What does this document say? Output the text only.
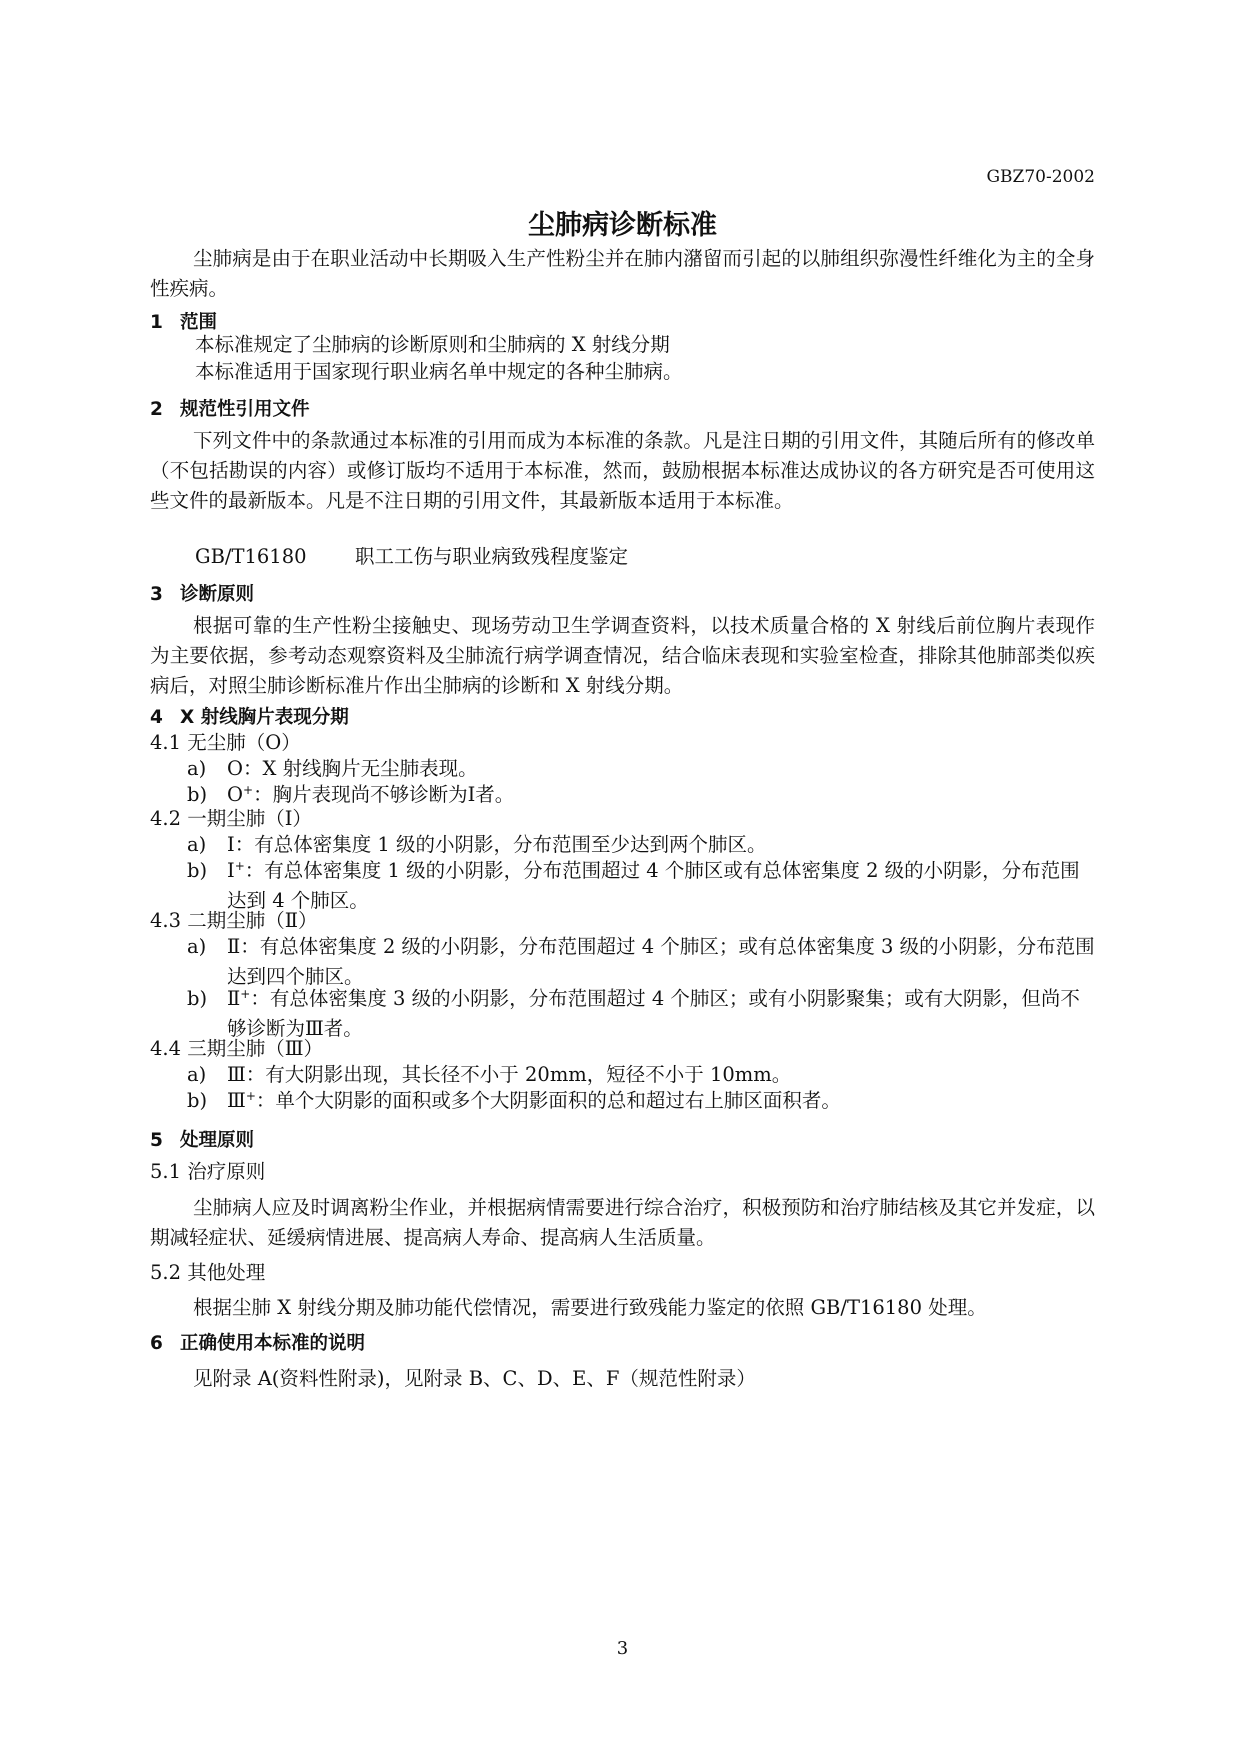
GBZ70-2002
尘肺病诊断标准
尘肺病是由于在职业活动中长期吸入生产性粉尘并在肺内潴留而引起的以肺组织弥漫性纤维化为主的全身性疾病。
1 范围
本标准规定了尘肺病的诊断原则和尘肺病的 X 射线分期
本标准适用于国家现行职业病名单中规定的各种尘肺病。
2 规范性引用文件
下列文件中的条款通过本标准的引用而成为本标准的条款。凡是注日期的引用文件，其随后所有的修改单（不包括勘误的内容）或修订版均不适用于本标准，然而，鼓励根据本标准达成协议的各方研究是否可使用这些文件的最新版本。凡是不注日期的引用文件，其最新版本适用于本标准。
GB/T16180 职工工伤与职业病致残程度鉴定
3 诊断原则
根据可靠的生产性粉尘接触史、现场劳动卫生学调查资料，以技术质量合格的 X 射线后前位胸片表现作为主要依据，参考动态观察资料及尘肺流行病学调查情况，结合临床表现和实验室检查，排除其他肺部类似疾病后，对照尘肺诊断标准片作出尘肺病的诊断和 X 射线分期。
4 X 射线胸片表现分期
4.1 无尘肺（O）
a)	O：X 射线胸片无尘肺表现。
b)	O+：胸片表现尚不够诊断为Ⅰ者。
4.2 一期尘肺（Ⅰ）
a)	Ⅰ：有总体密集度 1 级的小阴影，分布范围至少达到两个肺区。
b)	Ⅰ+：有总体密集度 1 级的小阴影，分布范围超过 4 个肺区或有总体密集度 2 级的小阴影，分布范围达到 4 个肺区。
4.3 二期尘肺（Ⅱ）
a)	Ⅱ：有总体密集度 2 级的小阴影，分布范围超过 4 个肺区；或有总体密集度 3 级的小阴影，分布范围达到四个肺区。
b)	Ⅱ+：有总体密集度 3 级的小阴影，分布范围超过 4 个肺区；或有小阴影聚集；或有大阴影，但尚不够诊断为Ⅲ者。
4.4 三期尘肺（Ⅲ）
a)	Ⅲ：有大阴影出现，其长径不小于 20mm，短径不小于 10mm。
b)	Ⅲ+：单个大阴影的面积或多个大阴影面积的总和超过右上肺区面积者。
5 处理原则
5.1 治疗原则
尘肺病人应及时调离粉尘作业，并根据病情需要进行综合治疗，积极预防和治疗肺结核及其它并发症，以期减轻症状、延缓病情进展、提高病人寿命、提高病人生活质量。
5.2 其他处理
根据尘肺 X 射线分期及肺功能代偿情况，需要进行致残能力鉴定的依照 GB/T16180 处理。
6 正确使用本标准的说明
见附录 A(资料性附录)，见附录 B、C、D、E、F（规范性附录）
3
